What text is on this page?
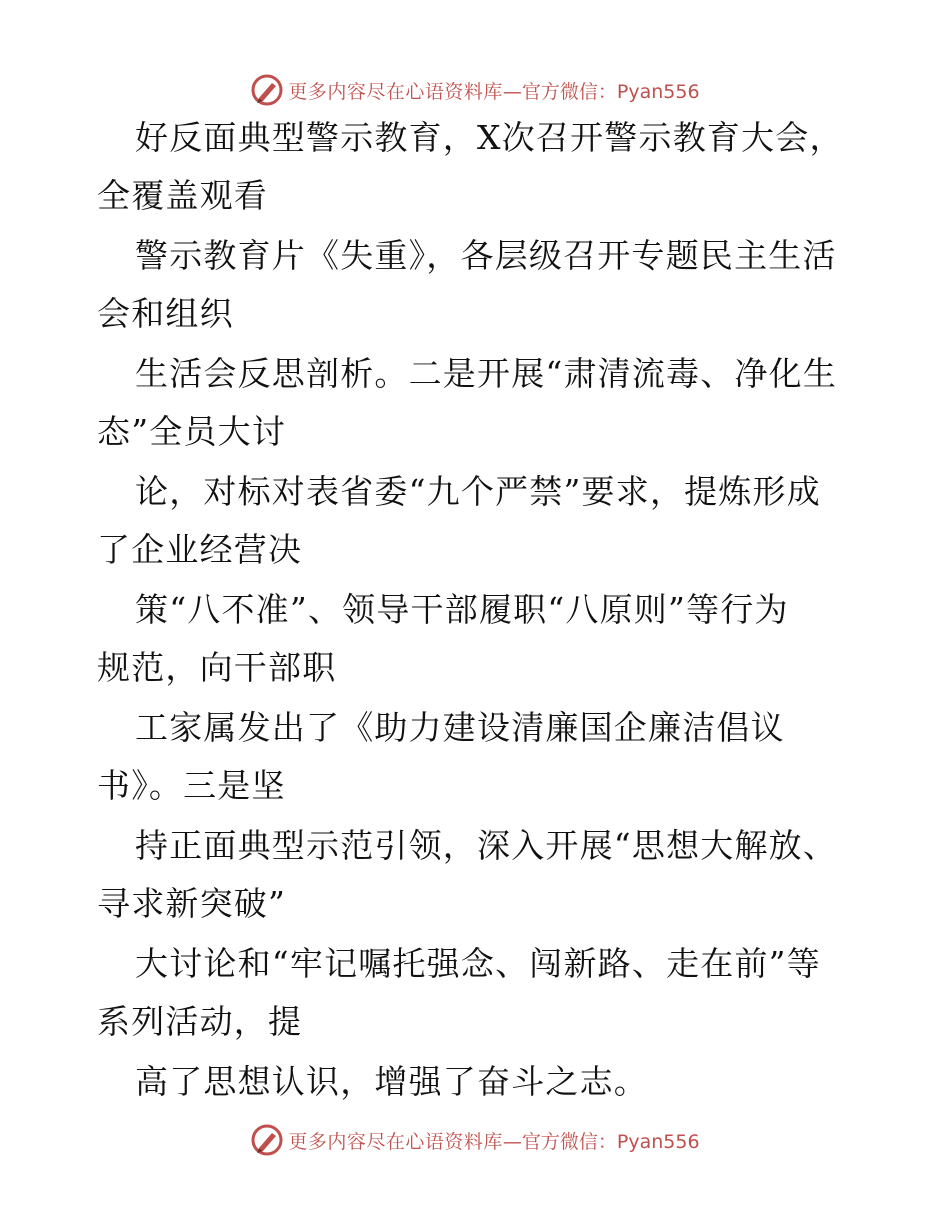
更多内容尽在心语资料库 —官方微信：Pyan556
好反面典型警示教育，X次召开警示教育大会，
全覆盖观看
警示教育片《失重》，各层级召开专题民主生活
会和组织
生活会反思剖析。二是开展“肃清流毒、净化生
态”全员大讨
论，对标对表省委“九个严禁”要求，提炼形成
了企业经营决
策“八不准”、领导干部履职“八原则”等行为
规范，向干部职
工家属发出了《助力建设清廉国企廉洁倡议
书》。三是坚
持正面典型示范引领，深入开展“思想大解放、
寻求新突破”
大讨论和“牢记嘱托强念、闯新路、走在前”等
系列活动，提
高了思想认识，增强了奋斗之志。
更多内容尽在心语资料库 —官方微信：Pyan556
